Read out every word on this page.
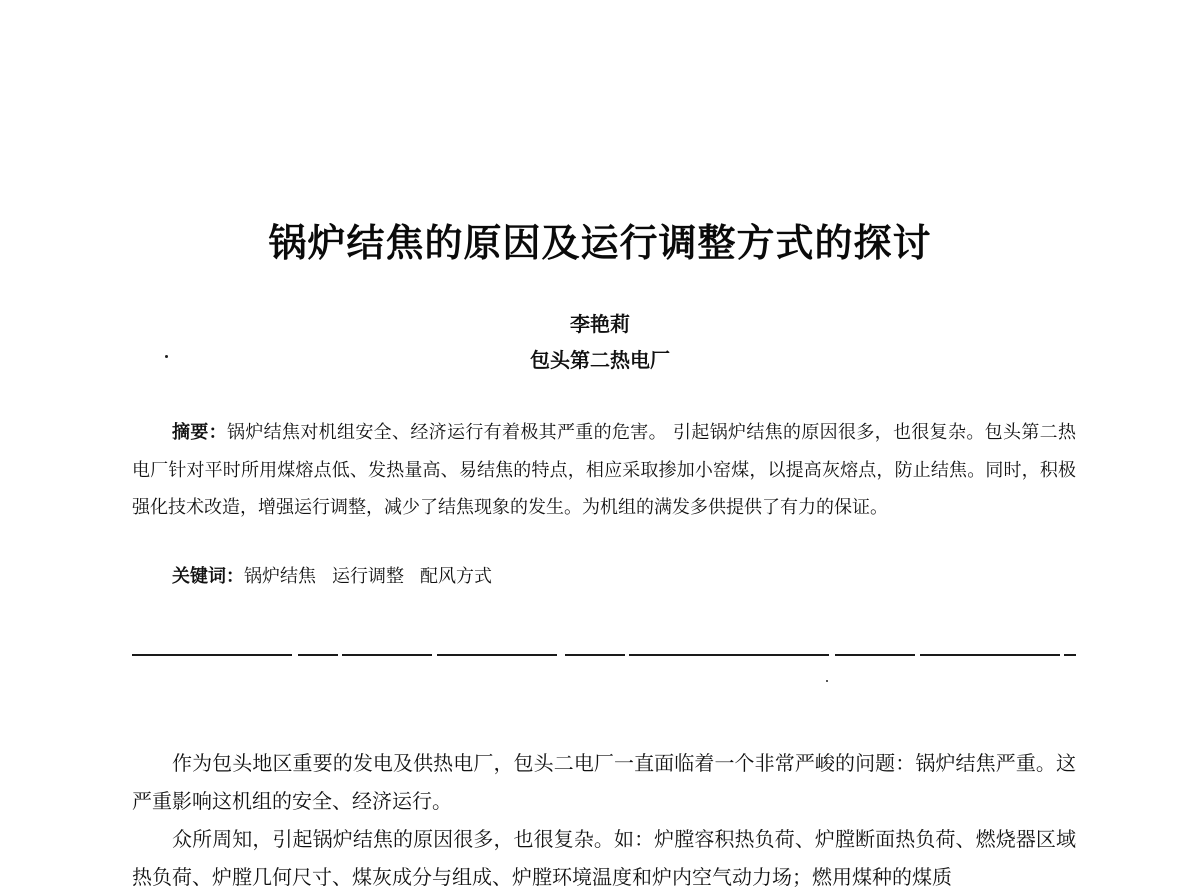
锅炉结焦的原因及运行调整方式的探讨
李艳莉
包头第二热电厂
摘要：锅炉结焦对机组安全、经济运行有着极其严重的危害。 引起锅炉结焦的原因很多，也很复杂。包头第二热电厂针对平时所用煤熔点低、发热量高、易结焦的特点，相应采取掺加小窑煤，以提高灰熔点，防止结焦。同时，积极强化技术改造，增强运行调整，减少了结焦现象的发生。为机组的满发多供提供了有力的保证。
关键词：锅炉结焦 运行调整 配风方式

作为包头地区重要的发电及供热电厂，包头二电厂一直面临着一个非常严峻的问题：锅炉结焦严重。这严重影响这机组的安全、经济运行。

众所周知，引起锅炉结焦的原因很多，也很复杂。如：炉膛容积热负荷、炉膛断面热负荷、燃烧器区域热负荷、炉膛几何尺寸、煤灰成分与组成、炉膛环境温度和炉内空气动力场；燃用煤种的煤质
